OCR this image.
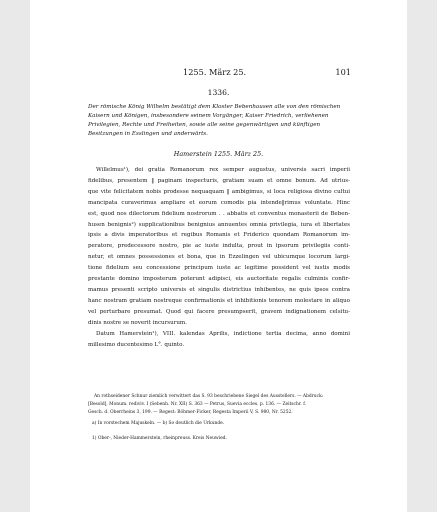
1255. März 25.	101
1336.
Der römische König Wilhelm bestätigt dem Kloster Bebenhausen alle von den römischen Kaisern und Königen, insbesondere seinem Vorgänger, Kaiser Friedrich, verliehenen Privilegien, Rechte und Freiheiten, sowie alle seine gegenwärtigen und künftigen Besitzungen in Esslingen und anderwärts.
Hamerstein 1255. März 25.
Willelmus¹), dei gratia Romanorum rex semper augustus, universis sacri imperii
fidelibus, presentem ‖ paginam inspecturis, gratiam suam et omne bonum. Ad utrius-
que vite felicitatem nobis prodesse nequaquam ‖ ambigimus, si loca religiosa divino cultui
mancipata curaverimus ampliare et eorum comodis pia intende‖rimus voluntate. Hinc
est, quod nos dilectorum fidelium nostrorum . . abbatis et conventus monasterii de Beben-
husen benignis²) supplicationibus benignius annuentes omnia privilegia, iura et libertates
ipsis a divis imperatoribus et regibus Romanis et Friderico quondam Romanorum im-
peratore, predecessore nostro, pie ac iuste indulta, prout in ipsorum privilegiis conti-
netur, et omnes possessiones et bona, que in Ezzelingen vel ubicumque locorum largi-
tione fidelium seu concessione principum iuste ac legitime possident vel iustis modis
prestante domino imposterum poterunt adipisci, eis auctoritate regalis culminis confir-
mamus presenti scripto universis et singulis districtius inhibentes, ne quis ipsos contra
hanc nostram gratiam nostreque confirmationis et inhibitionis tenorem molestare in aliquo
vel perturbare presumat. Quod qui facere presumpserit, gravem indignationem celsitu-
dinis nostre se noverit incursurum.
Datum Hamerstein¹), VIII. kalendas Aprilis, indictione tertia decima, anno domini
millesimo ducentesimo L°. quinto.
An rothseidener Schnur ziemlich verwittert das S. 93 beschriebene Siegel des Ausstellers. — Abdruck:
[Besold], Monum. rediviv. I (Sebenh. Nr. XII) S. 363 — Petrus, Suevia eccles. p. 136. — Zeitschr. f.
Gesch. d. Oberrheins 3, 199. — Regest: Böhmer-Ficker, Regesta Imperii V, S. 980, Nr. 5252.
a) In vorstechem Majuskeln. — b) So deutlich die Urkunde.
1) Ober-, Nieder-Hammerstein, rheinpreuss. Kreis Neuwied.
